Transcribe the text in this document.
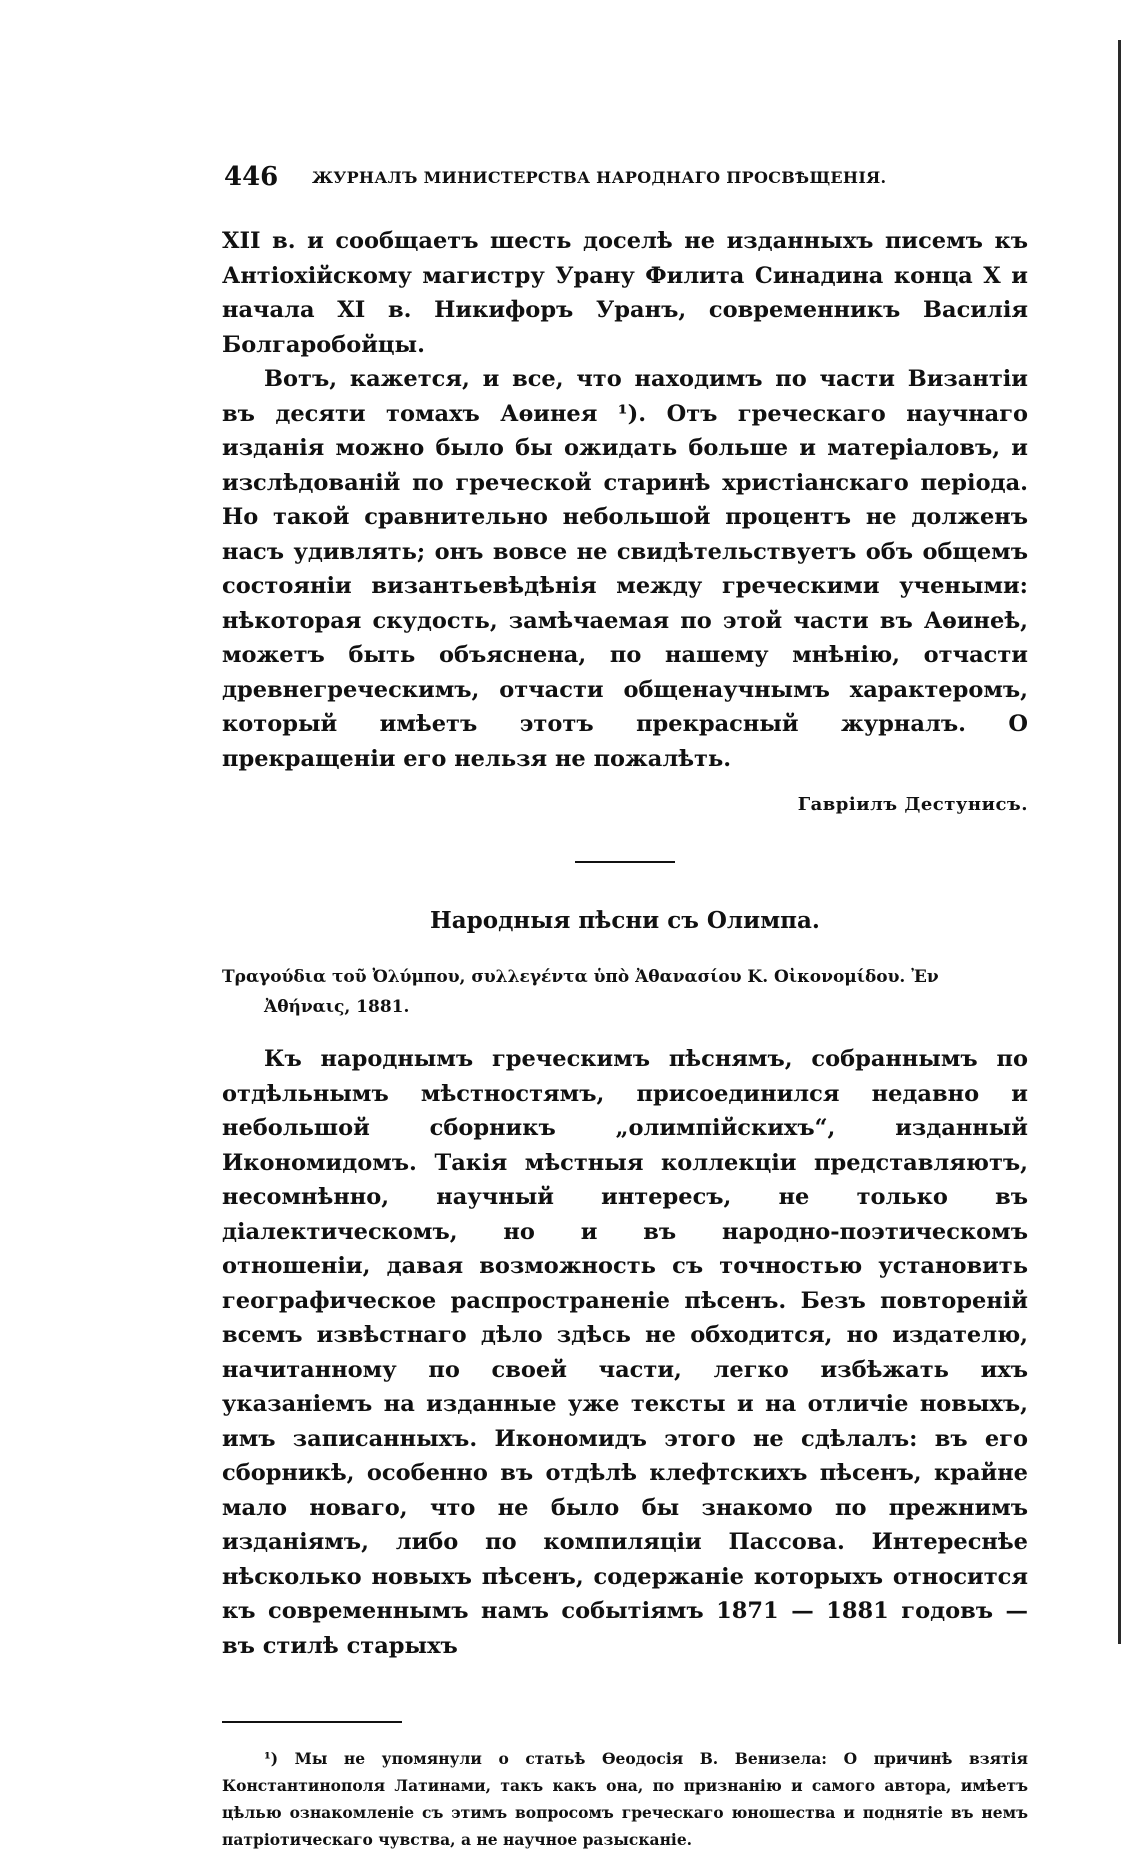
446 ЖУРНАЛЪ МИНИСТЕРСТВА НАРОДНАГО ПРОСВѢЩЕНІЯ.

XII в. и сообщаетъ шесть доселѣ не изданныхъ писемъ къ Антіохійскому магистру Урану Филита Синадина конца X и начала XI в. Никифоръ Уранъ, современникъ Василія Болгаробойцы.

Вотъ, кажется, и все, что находимъ по части Византіи въ десяти томахъ Аѳинея ¹). Отъ греческаго научнаго изданія можно было бы ожидать больше и матеріаловъ, и изслѣдованій по греческой старинѣ христіанскаго періода. Но такой сравнительно небольшой процентъ не долженъ насъ удивлять; онъ вовсе не свидѣтельствуетъ объ общемъ состояніи византьевѣдѣнія между греческими учеными: нѣкоторая скудость, замѣчаемая по этой части въ Аѳинеѣ, можетъ быть объяснена, по нашему мнѣнію, отчасти древнегреческимъ, отчасти общенаучнымъ характеромъ, который имѣетъ этотъ прекрасный журналъ. О прекращеніи его нельзя не пожалѣть.

Гавріилъ Дестунисъ.

Народныя пѣсни съ Олимпа.

Τραγούδια τοῦ Ὀλύμπου, συλλεγέντα ὑπὸ Ἀθανασίου Κ. Οἰκονομίδου. Ἐν Ἀθήναις, 1881.

Къ народнымъ греческимъ пѣснямъ, собраннымъ по отдѣльнымъ мѣстностямъ, присоединился недавно и небольшой сборникъ „олимпійскихъ“, изданный Икономидомъ. Такія мѣстныя коллекціи представляютъ, несомнѣнно, научный интересъ, не только въ діалектическомъ, но и въ народно-поэтическомъ отношеніи, давая возможность съ точностью установить географическое распространеніе пѣсенъ. Безъ повтореній всемъ извѣстнаго дѣло здѣсь не обходится, но издателю, начитанному по своей части, легко избѣжать ихъ указаніемъ на изданные уже тексты и на отличіе новыхъ, имъ записанныхъ. Икономидъ этого не сдѣлалъ: въ его сборникѣ, особенно въ отдѣлѣ клефтскихъ пѣсенъ, крайне мало новаго, что не было бы знакомо по прежнимъ изданіямъ, либо по компиляціи Пассова. Интереснѣе нѣсколько новыхъ пѣсенъ, содержаніе которыхъ относится къ современнымъ намъ событіямъ 1871 — 1881 годовъ — въ стилѣ старыхъ

¹) Мы не упомянули о статьѣ Ѳеодосія В. Венизела: О причинѣ взятія Константинополя Латинами, такъ какъ она, по признанію и самого автора, имѣетъ цѣлью ознакомленіе съ этимъ вопросомъ греческаго юношества и поднятіе въ немъ патріотическаго чувства, а не научное разысканіе.
